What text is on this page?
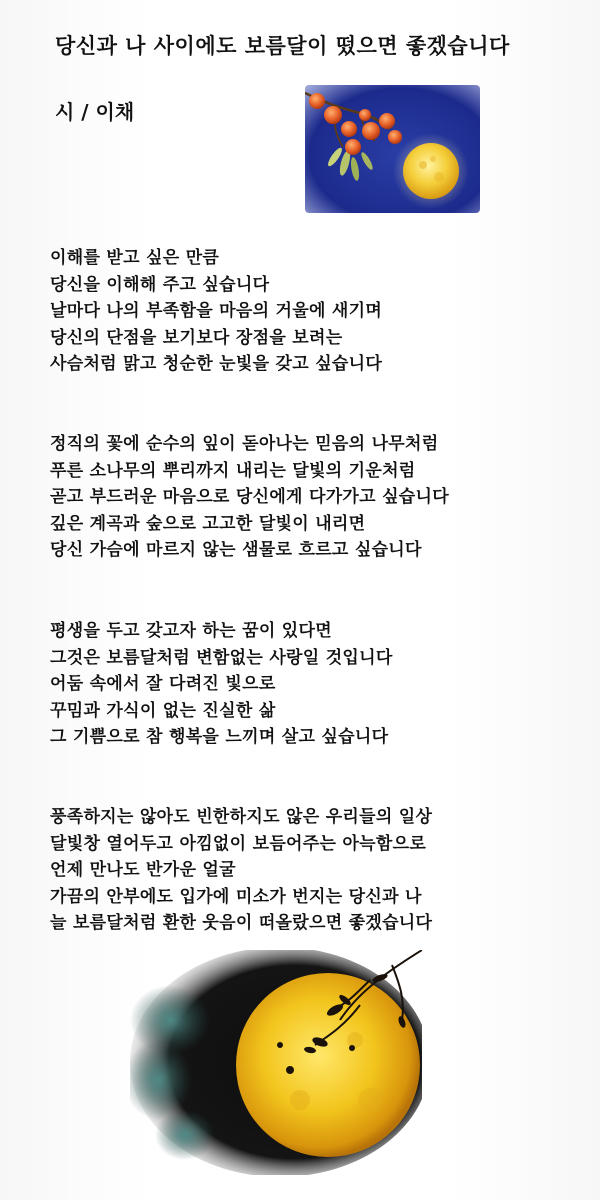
당신과 나 사이에도 보름달이 떴으면 좋겠습니다
시 / 이채
이해를 받고 싶은 만큼
당신을 이해해 주고 싶습니다
날마다 나의 부족함을 마음의 거울에 새기며
당신의 단점을 보기보다 장점을 보려는
사슴처럼 맑고 청순한 눈빛을 갖고 싶습니다
정직의 꽃에 순수의 잎이 돋아나는 믿음의 나무처럼
푸른 소나무의 뿌리까지 내리는 달빛의 기운처럼
곧고 부드러운 마음으로 당신에게 다가가고 싶습니다
깊은 계곡과 숲으로 고고한 달빛이 내리면
당신 가슴에 마르지 않는 샘물로 흐르고 싶습니다
평생을 두고 갖고자 하는 꿈이 있다면
그것은 보름달처럼 변함없는 사랑일 것입니다
어둠 속에서 잘 다려진 빛으로
꾸밈과 가식이 없는 진실한 삶
그 기쁨으로 참 행복을 느끼며 살고 싶습니다
풍족하지는 않아도 빈한하지도 않은 우리들의 일상
달빛창 열어두고 아낌없이 보듬어주는 아늑함으로
언제 만나도 반가운 얼굴
가끔의 안부에도 입가에 미소가 번지는 당신과 나
늘 보름달처럼 환한 웃음이 떠올랐으면 좋겠습니다
